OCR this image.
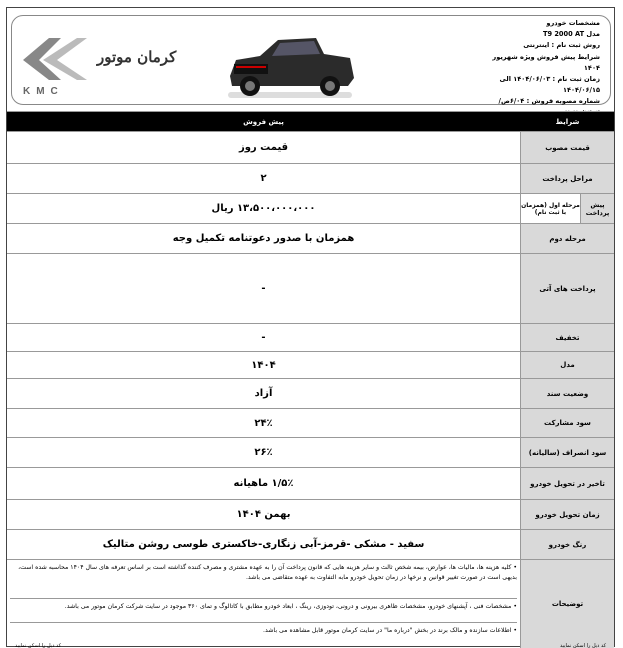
مشخصات خودرو
مدل T9 2000 AT
روش ثبت نام : اینترنتی
شرایط پیش فروش ویژه شهریور ۱۴۰۴
زمان ثبت نام : ۱۴۰۴/۰۶/۰۳ الی ۱۴۰۴/۰۶/۱۵
شماره مصوبه فروش : ۶/۰۴ص/
کرمان موتور
KMC
شرایط
پیش فروش
قیمت مصوب
قیمت روز
مراحل پرداخت
۲
پیش پرداخت
مرحله اول (همزمان با ثبت نام)
۱۳،۵۰۰،۰۰۰،۰۰۰ ریال
مرحله دوم
همزمان با صدور دعوتنامه تکمیل وجه
پرداخت های آتی
-
تخفیف
-
مدل
۱۴۰۴
وضعیت سند
آزاد
سود مشارکت
۲۴٪
سود انصراف (سالیانه)
۲۶٪
تاخیر در تحویل خودرو
۱/۵٪ ماهیانه
زمان تحویل خودرو
بهمن ۱۴۰۴
رنگ خودرو
سفید - مشکی -قرمز-آبی زنگاری-خاکستری طوسی روشن متالیک
توضیحات
• کلیه هزینه ها، مالیات ها، عوارض، بیمه شخص ثالث و سایر هزینه هایی که قانون پرداخت آن را به عهده مشتری و مصرف کننده گذاشته است بر اساس تعرفه های سال ۱۴۰۴ محاسبه شده است، بدیهی است در صورت تغییر قوانین و نرخها در زمان تحویل خودرو مابه التفاوت به عهده متقاضی می باشد.
• مشخصات فنی ، آپشنهای خودرو، مشخصات ظاهری بیرونی و درونی، تودوزی، رینگ ، ابعاد خودرو مطابق با کاتالوگ و تمای ۳۶۰ موجود در سایت شرکت کرمان موتور می باشد.
• اطلاعات سازنده و مالک برند در بخش "درباره ما" در سایت کرمان موتور قابل مشاهده می باشد.
کد ذیل را اسکن نمایید
